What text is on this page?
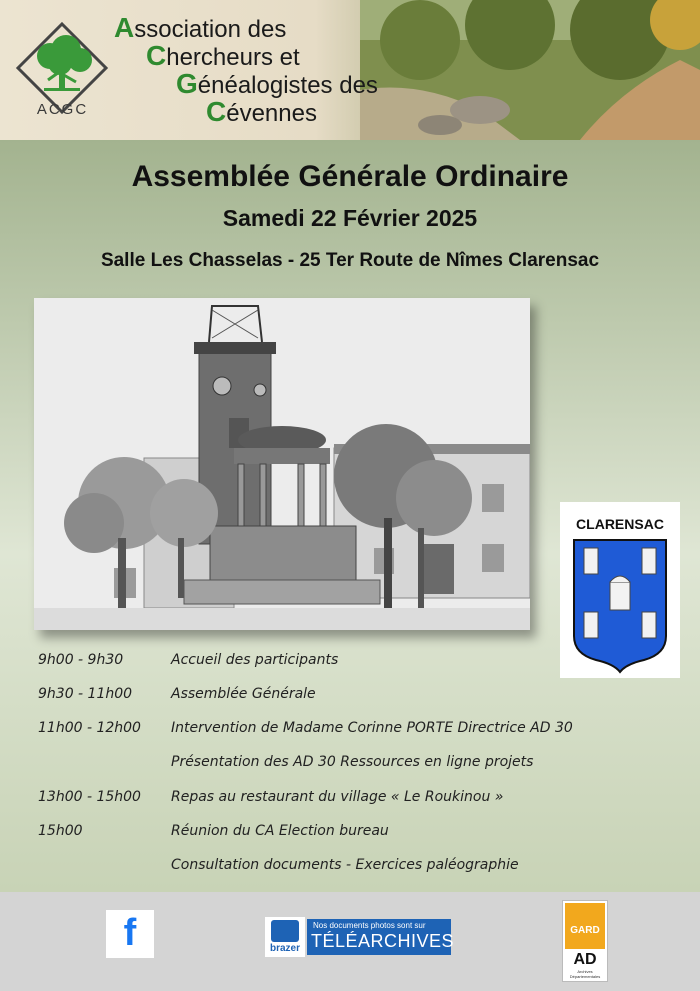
ACGC
Association des
Chercheurs et
Généalogistes des
Cévennes
Assemblée Générale Ordinaire
Samedi 22 Février 2025
Salle Les Chasselas - 25 Ter Route de Nîmes Clarensac
CLARENSAC
9h00 - 9h30	Accueil des participants
9h30 - 11h00	Assemblée Générale
11h00 - 12h00 Intervention de Madame Corinne PORTE Directrice AD 30
Présentation des AD 30 Ressources en ligne projets
13h00 - 15h00 Repas au restaurant du village « Le Roukinou »
15h00	Réunion du CA Election bureau
Consultation documents - Exercices paléographie
f	brazer
Nos documents photos sont sur
TÉLÉARCHIVES
GARD
AD
Archives Départementales
